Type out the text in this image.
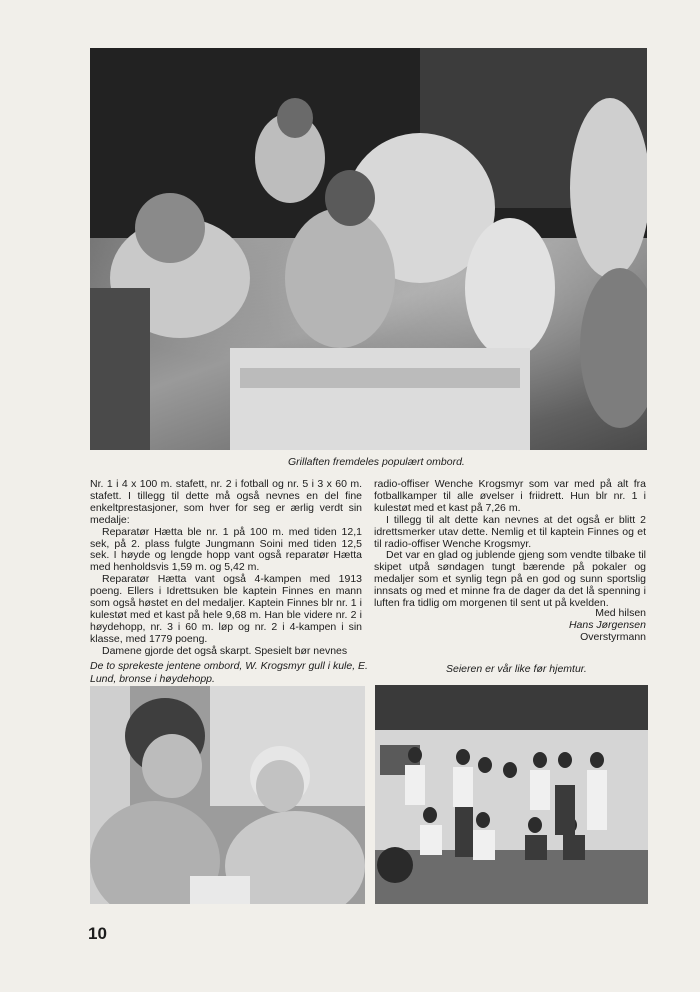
Grillaften fremdeles populært ombord.

Nr. 1 i 4 x 100 m. stafett, nr. 2 i fotball og nr. 5 i 3 x 60 m. stafett. I tillegg til dette må også nevnes en del fine enkeltprestasjoner, som hver for seg er ærlig verdt sin medalje:

Reparatør Hætta ble nr. 1 på 100 m. med tiden 12,1 sek, på 2. plass fulgte Jungmann Soini med tiden 12,5 sek. I høyde og lengde hopp vant også reparatør Hætta med henholdsvis 1,59 m. og 5,42 m.

Reparatør Hætta vant også 4-kampen med 1913 poeng. Ellers i Idrettsuken ble kaptein Finnes en mann som også høstet en del medaljer. Kaptein Finnes blr nr. 1 i kulestøt med et kast på hele 9,68 m. Han ble videre nr. 2 i høydehopp, nr. 3 i 60 m. løp og nr. 2 i 4-kampen i sin klasse, med 1779 poeng.

Damene gjorde det også skarpt. Spesielt bør nevnes

radio-offiser Wenche Krogsmyr som var med på alt fra fotballkamper til alle øvelser i friidrett. Hun blr nr. 1 i kulestøt med et kast på 7,26 m.

I tillegg til alt dette kan nevnes at det også er blitt 2 idrettsmerker utav dette. Nemlig et til kaptein Finnes og et til radio-offiser Wenche Krogsmyr.

Det var en glad og jublende gjeng som vendte tilbake til skipet utpå søndagen tungt bærende på pokaler og medaljer som et synlig tegn på en god og sunn sportslig innsats og med et minne fra de dager da det lå spenning i luften fra tidlig om morgenen til sent ut på kvelden.

Med hilsen
Hans Jørgensen
Overstyrmann
De to sprekeste jentene ombord, W. Krogsmyr gull i kule, E.
Lund, bronse i høydehopp.
Seieren er vår like før hjemtur.
10
